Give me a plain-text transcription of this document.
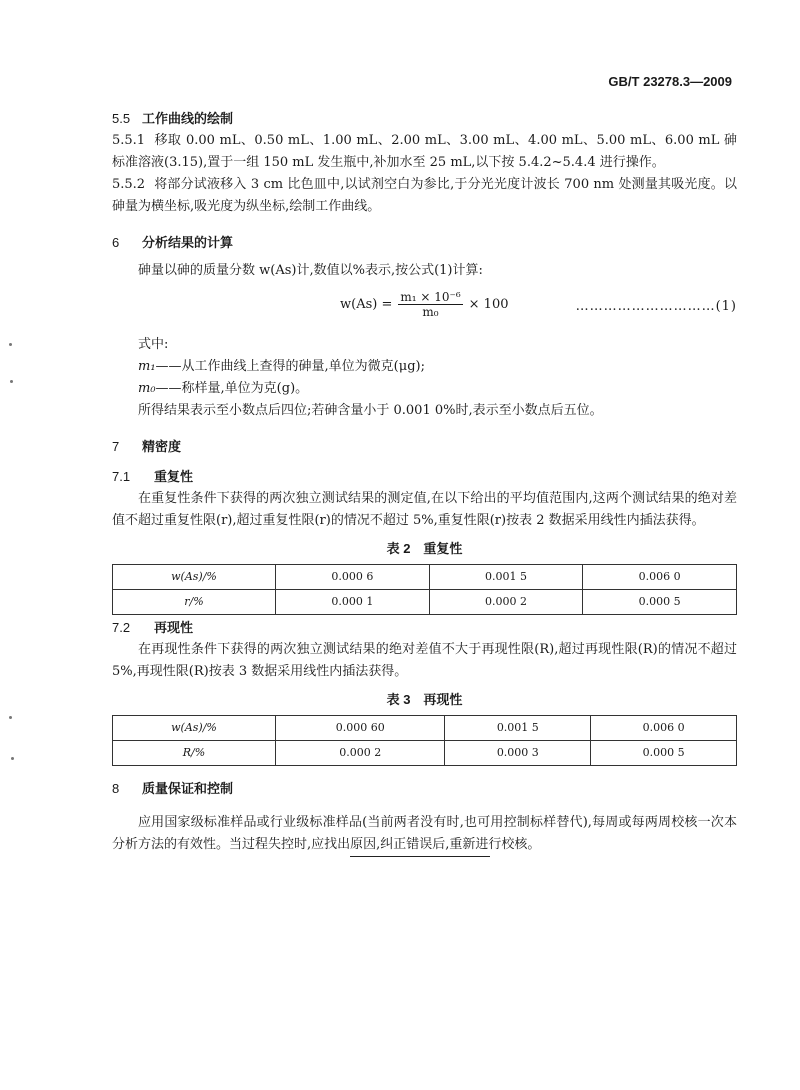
GB/T 23278.3—2009
5.5 工作曲线的绘制

5.5.1 移取 0.00 mL、0.50 mL、1.00 mL、2.00 mL、3.00 mL、4.00 mL、5.00 mL、6.00 mL 砷标准溶液(3.15),置于一组 150 mL 发生瓶中,补加水至 25 mL,以下按 5.4.2~5.4.4 进行操作。

5.5.2 将部分试液移入 3 cm 比色皿中,以试剂空白为参比,于分光光度计波长 700 nm 处测量其吸光度。以砷量为横坐标,吸光度为纵坐标,绘制工作曲线。

6 分析结果的计算

砷量以砷的质量分数 w(As)计,数值以%表示,按公式(1)计算:

$w(As) = \frac{\text{m₁ × 10⁻⁶}}{\text{m₀}} \times 100$	…………………………(1)

式中:

m₁——从工作曲线上查得的砷量,单位为微克(μg);

m₀——称样量,单位为克(g)。

所得结果表示至小数点后四位;若砷含量小于 0.001 0%时,表示至小数点后五位。

7 精密度
7.1 重复性

在重复性条件下获得的两次独立测试结果的测定值,在以下给出的平均值范围内,这两个测试结果的绝对差值不超过重复性限(r),超过重复性限(r)的情况不超过 5%,重复性限(r)按表 2 数据采用线性内插法获得。

表 2　重复性
w(As)/%	0.000 6	0.001 5	0.006 0
r/%	0.000 1	0.000 2	0.000 5
7.2 再现性

在再现性条件下获得的两次独立测试结果的绝对差值不大于再现性限(R),超过再现性限(R)的情况不超过 5%,再现性限(R)按表 3 数据采用线性内插法获得。

表 3　再现性
w(As)/%	0.000 60	0.001 5	0.006 0
R/%	0.000 2	0.000 3	0.000 5
8 质量保证和控制

应用国家级标准样品或行业级标准样品(当前两者没有时,也可用控制标样替代),每周或每两周校核一次本分析方法的有效性。当过程失控时,应找出原因,纠正错误后,重新进行校核。
